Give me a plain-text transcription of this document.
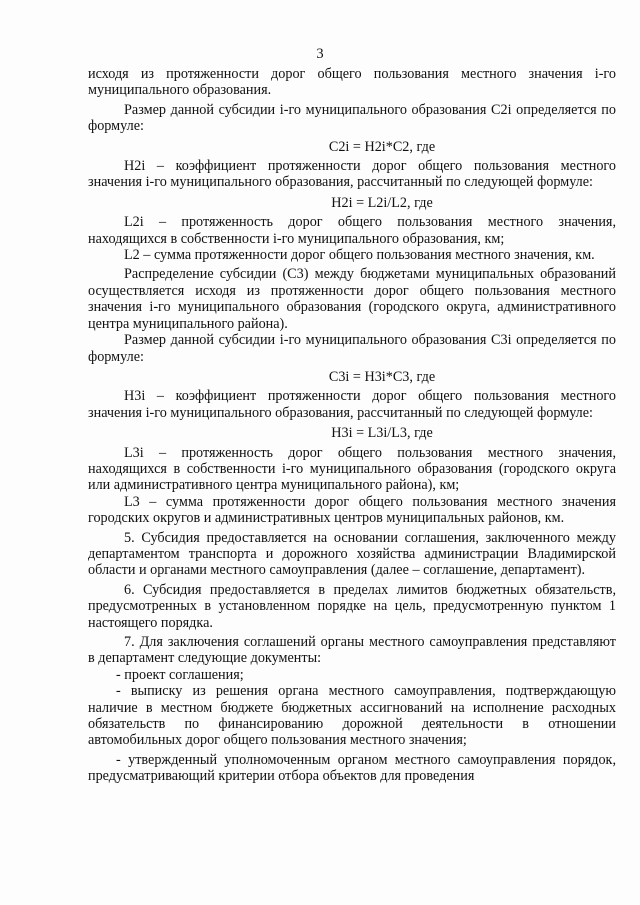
3

исходя из протяженности дорог общего пользования местного значения i-го муниципального образования.

Размер данной субсидии i-го муниципального образования C2i определяется по формуле:

C2i = H2i*C2, где

H2i – коэффициент протяженности дорог общего пользования местного значения i-го муниципального образования, рассчитанный по следующей формуле:

H2i = L2i/L2, где

L2i – протяженность дорог общего пользования местного значения, находящихся в собственности i-го муниципального образования, км;

L2 – сумма протяженности дорог общего пользования местного значения, км.

Распределение субсидии (C3) между бюджетами муниципальных образований осуществляется исходя из протяженности дорог общего пользования местного значения i-го муниципального образования (городского округа, административного центра муниципального района).

Размер данной субсидии i-го муниципального образования C3i определяется по формуле:

C3i = H3i*C3, где

H3i – коэффициент протяженности дорог общего пользования местного значения i-го муниципального образования, рассчитанный по следующей формуле:

H3i = L3i/L3, где

L3i – протяженность дорог общего пользования местного значения, находящихся в собственности i-го муниципального образования (городского округа или административного центра муниципального района), км;

L3 – сумма протяженности дорог общего пользования местного значения городских округов и административных центров муниципальных районов, км.

5. Субсидия предоставляется на основании соглашения, заключенного между департаментом транспорта и дорожного хозяйства администрации Владимирской области и органами местного самоуправления (далее – соглашение, департамент).

6. Субсидия предоставляется в пределах лимитов бюджетных обязательств, предусмотренных в установленном порядке на цель, предусмотренную пунктом 1 настоящего порядка.

7. Для заключения соглашений органы местного самоуправления представляют в департамент следующие документы:

- проект соглашения;

- выписку из решения органа местного самоуправления, подтверждающую наличие в местном бюджете бюджетных ассигнований на исполнение расходных обязательств по финансированию дорожной деятельности в отношении автомобильных дорог общего пользования местного значения;

- утвержденный уполномоченным органом местного самоуправления порядок, предусматривающий критерии отбора объектов для проведения
